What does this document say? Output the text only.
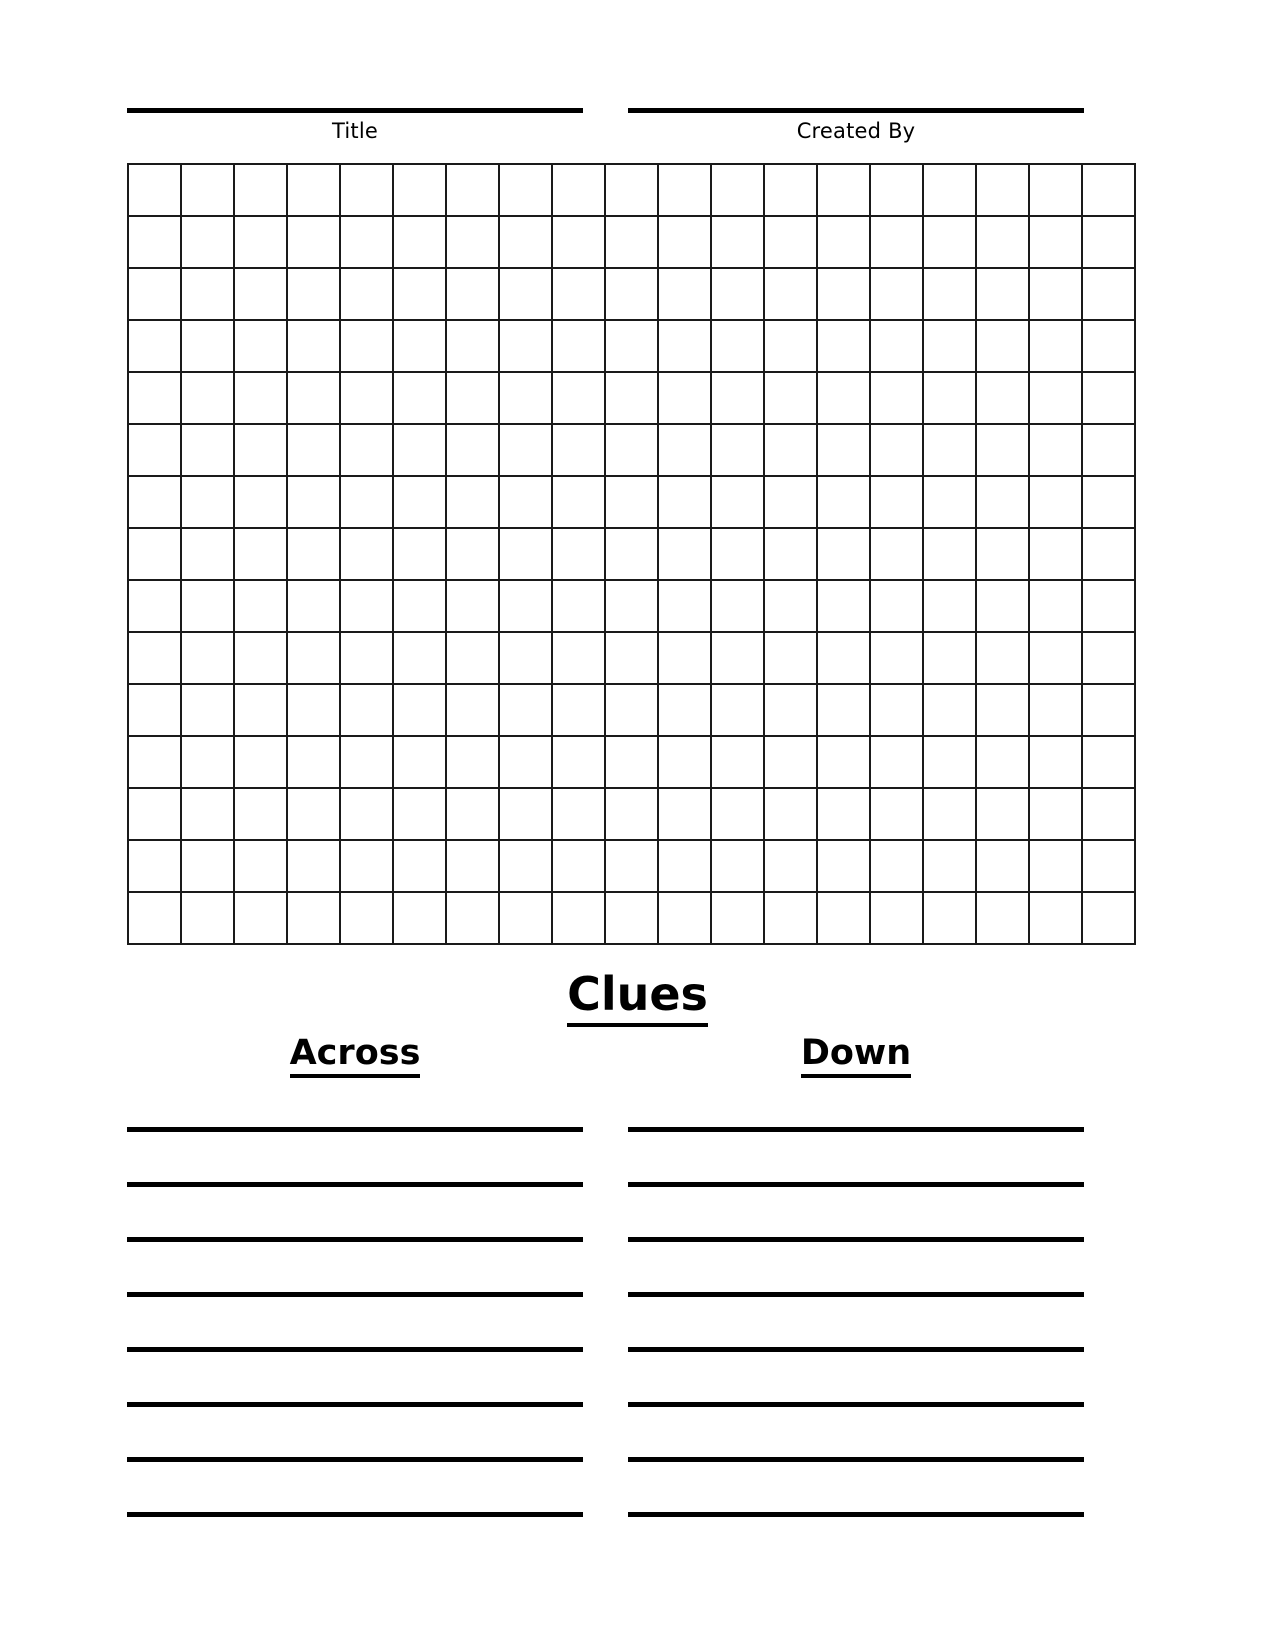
Title	Created By

Clues
Across	Down
